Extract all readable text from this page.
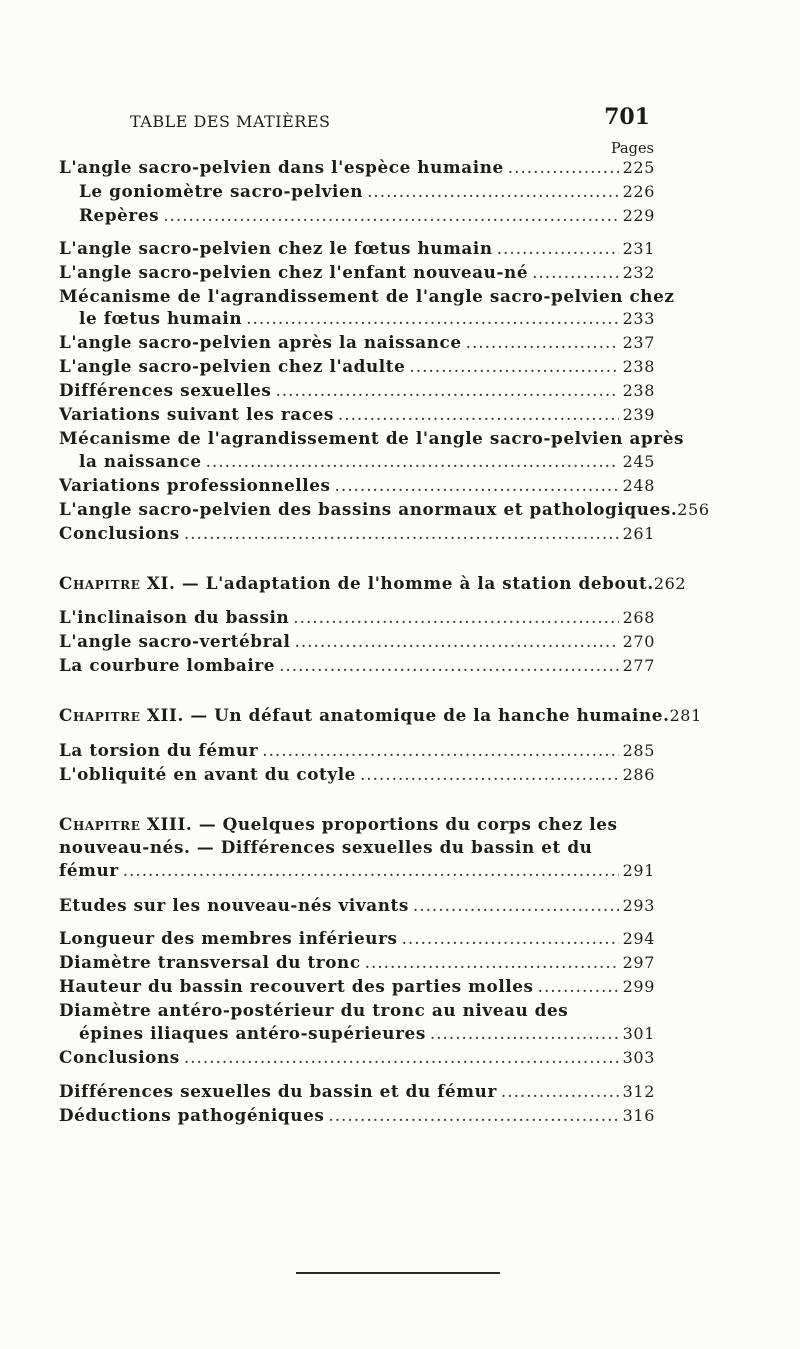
TABLE DES MATIÈRES	701
Pages
L'angle sacro-pelvien dans l'espèce humaine .....	225
Le goniomètre sacro-pelvien .....	226
Repères .....	229
L'angle sacro-pelvien chez le fœtus humain .....	231
L'angle sacro-pelvien chez l'enfant nouveau-né .....	232
Mécanisme de l'agrandissement de l'angle sacro-pelvien chez
le fœtus humain .....	233
L'angle sacro-pelvien après la naissance .....	237
L'angle sacro-pelvien chez l'adulte .....	238
Différences sexuelles .....	238
Variations suivant les races .....	239
Mécanisme de l'agrandissement de l'angle sacro-pelvien après
la naissance .....	245
Variations professionnelles .....	248
L'angle sacro-pelvien des bassins anormaux et pathologiques. 256
Conclusions .....	261
Chapitre XI. — L'adaptation de l'homme à la station debout. 262
L'inclinaison du bassin .....	268
L'angle sacro-vertébral .....	270
La courbure lombaire .....	277
Chapitre XII. — Un défaut anatomique de la hanche humaine. 281
La torsion du fémur .....	285
L'obliquité en avant du cotyle .....	286
Chapitre XIII. — Quelques proportions du corps chez les
nouveau-nés. — Différences sexuelles du bassin et du
fémur .....	291
Etudes sur les nouveau-nés vivants .....	293
Longueur des membres inférieurs .....	294
Diamètre transversal du tronc .....	297
Hauteur du bassin recouvert des parties molles .....	299
Diamètre antéro-postérieur du tronc au niveau des
épines iliaques antéro-supérieures .....	301
Conclusions .....	303
Différences sexuelles du bassin et du fémur .....	312
Déductions pathogéniques .....	316
